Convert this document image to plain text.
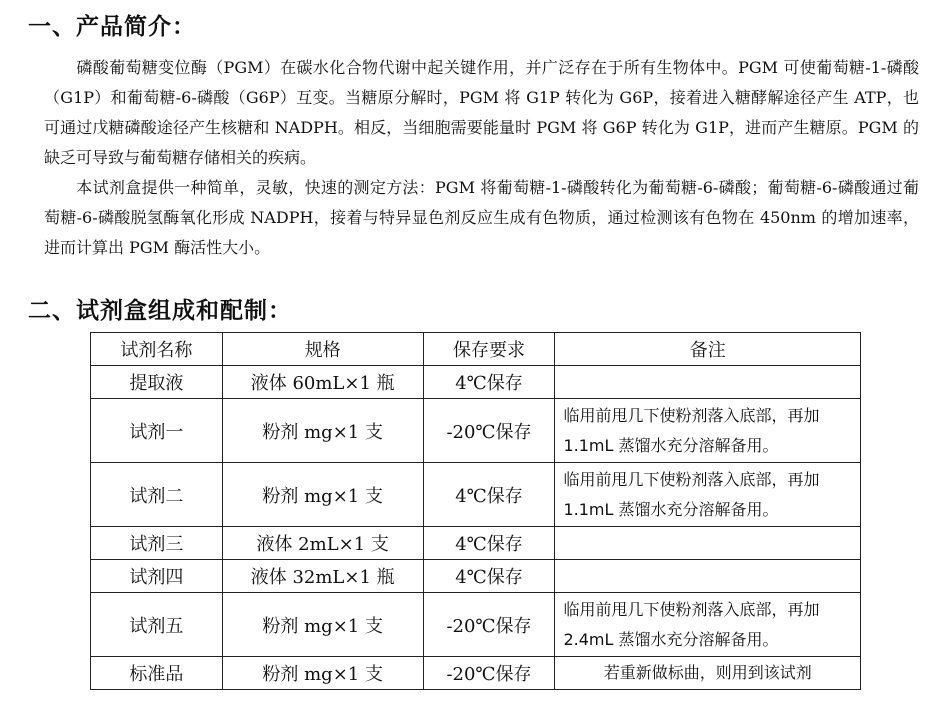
一、产品简介：

磷酸葡萄糖变位酶（PGM）在碳水化合物代谢中起关键作用，并广泛存在于所有生物体中。PGM 可使葡萄糖-1-磷酸（G1P）和葡萄糖-6-磷酸（G6P）互变。当糖原分解时，PGM 将 G1P 转化为 G6P，接着进入糖酵解途径产生 ATP，也可通过戊糖磷酸途径产生核糖和 NADPH。相反，当细胞需要能量时 PGM 将 G6P 转化为 G1P，进而产生糖原。PGM 的缺乏可导致与葡萄糖存储相关的疾病。

本试剂盒提供一种简单，灵敏，快速的测定方法：PGM 将葡萄糖-1-磷酸转化为葡萄糖-6-磷酸；葡萄糖-6-磷酸通过葡萄糖-6-磷酸脱氢酶氧化形成 NADPH，接着与特异显色剂反应生成有色物质，通过检测该有色物在 450nm 的增加速率，进而计算出 PGM 酶活性大小。

二、试剂盒组成和配制：
试剂名称	规格	保存要求	备注
提取液	液体 60mL×1 瓶	4℃保存	
试剂一	粉剂 mg×1 支	-20℃保存	临用前甩几下使粉剂落入底部，再加 1.1mL 蒸馏水充分溶解备用。
试剂二	粉剂 mg×1 支	4℃保存	临用前甩几下使粉剂落入底部，再加 1.1mL 蒸馏水充分溶解备用。
试剂三	液体 2mL×1 支	4℃保存	
试剂四	液体 32mL×1 瓶	4℃保存	
试剂五	粉剂 mg×1 支	-20℃保存	临用前甩几下使粉剂落入底部，再加 2.4mL 蒸馏水充分溶解备用。
标准品	粉剂 mg×1 支	-20℃保存	若重新做标曲，则用到该试剂
